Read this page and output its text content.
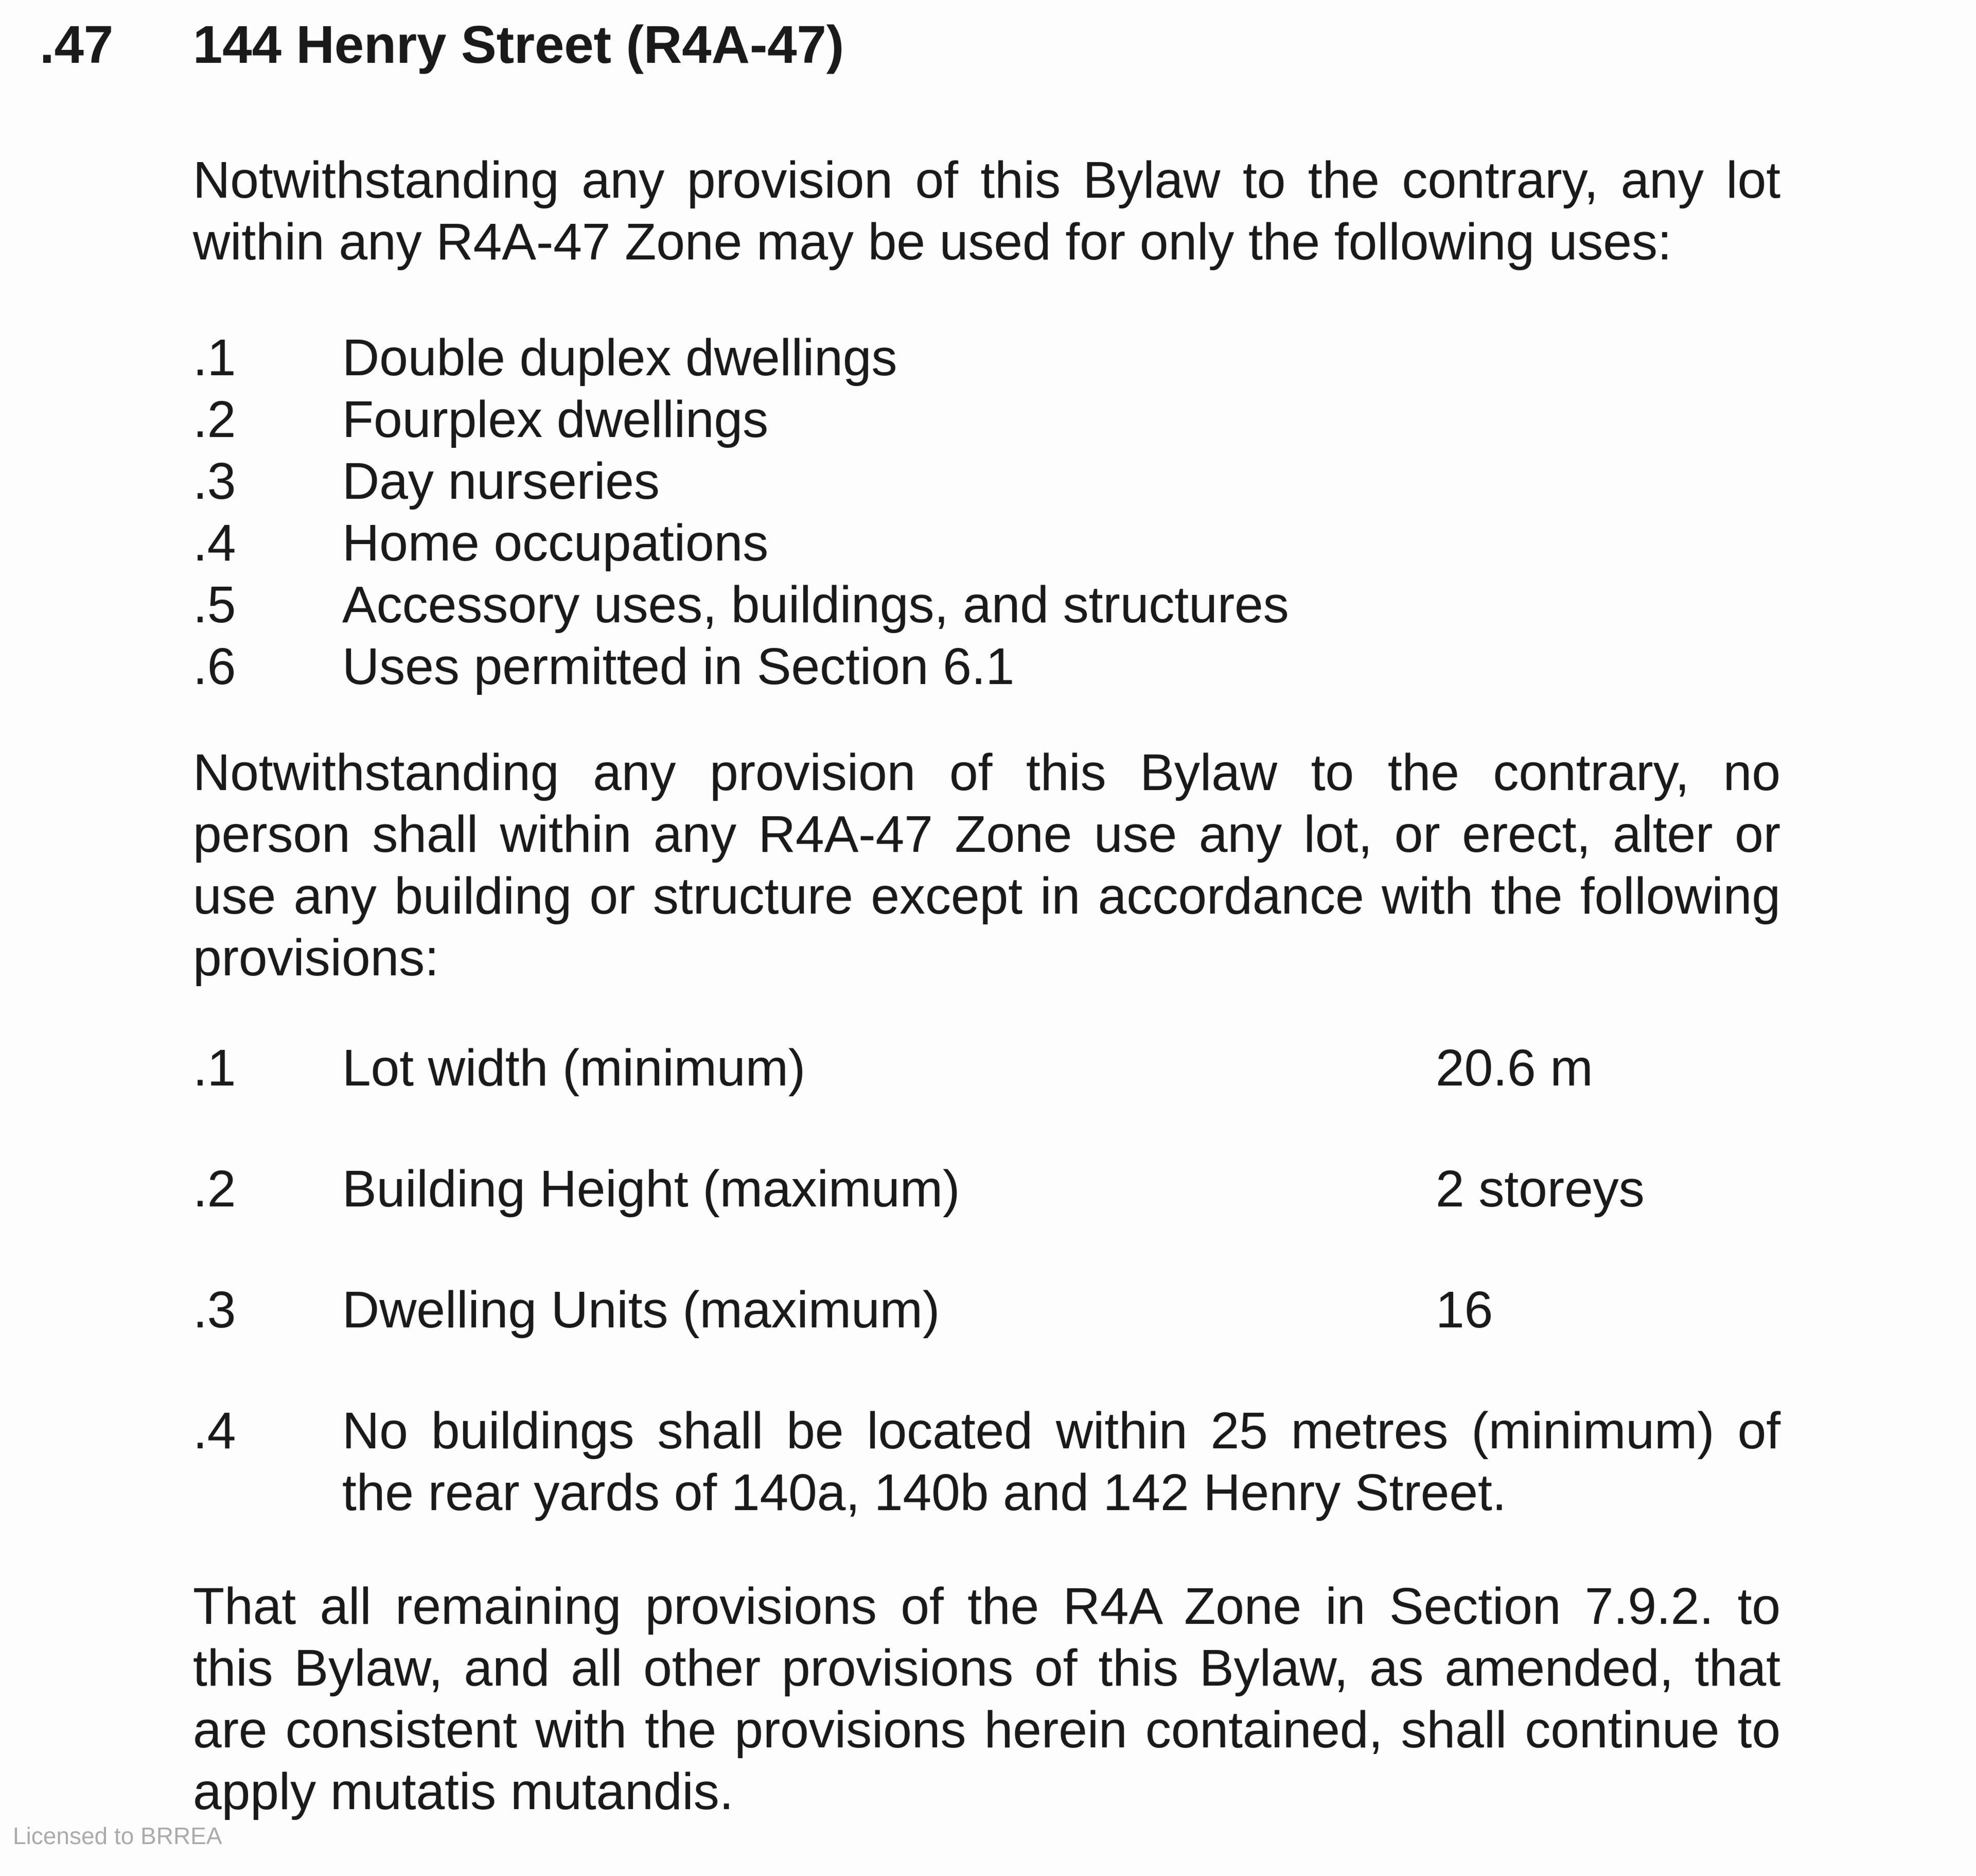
.47	144 Henry Street (R4A-47)
Notwithstanding any provision of this Bylaw to the contrary, any lot
within any R4A-47 Zone may be used for only the following uses:
.1	Double duplex dwellings
.2	Fourplex dwellings
.3	Day nurseries
.4	Home occupations
.5	Accessory uses, buildings, and structures
.6	Uses permitted in Section 6.1
Notwithstanding any provision of this Bylaw to the contrary, no
person shall within any R4A-47 Zone use any lot, or erect, alter or
use any building or structure except in accordance with the following
provisions:
.1	Lot width (minimum)	20.6 m
.2	Building Height (maximum)	2 storeys
.3	Dwelling Units (maximum)	16
.4	No buildings shall be located within 25 metres (minimum) of
the rear yards of 140a, 140b and 142 Henry Street.
That all remaining provisions of the R4A Zone in Section 7.9.2. to
this Bylaw, and all other provisions of this Bylaw, as amended, that
are consistent with the provisions herein contained, shall continue to
apply mutatis mutandis.
Licensed to BRREA
